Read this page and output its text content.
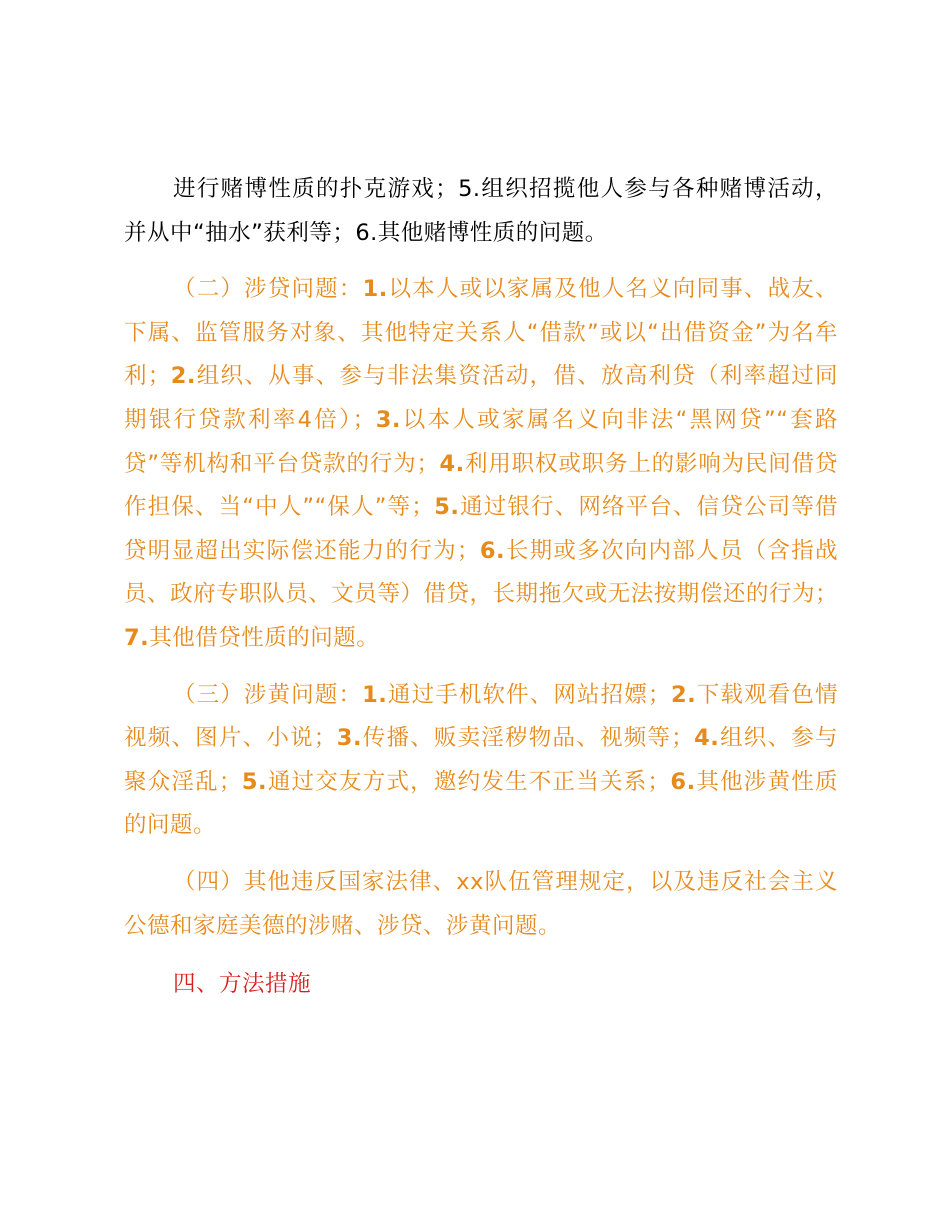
进行赌博性质的扑克游戏；5.组织招揽他人参与各种赌博活动，并从中“抽水”获利等；6.其他赌博性质的问题。

（二）涉贷问题：1.以本人或以家属及他人名义向同事、战友、下属、监管服务对象、其他特定关系人“借款”或以“出借资金”为名牟利；2.组织、从事、参与非法集资活动，借、放高利贷（利率超过同期银行贷款利率4倍）；3.以本人或家属名义向非法“黑网贷”“套路贷”等机构和平台贷款的行为；4.利用职权或职务上的影响为民间借贷作担保、当“中人”“保人”等；5.通过银行、网络平台、信贷公司等借贷明显超出实际偿还能力的行为；6.长期或多次向内部人员（含指战员、政府专职队员、文员等）借贷，长期拖欠或无法按期偿还的行为；7.其他借贷性质的问题。

（三）涉黄问题：1.通过手机软件、网站招嫖；2.下载观看色情视频、图片、小说；3.传播、贩卖淫秽物品、视频等；4.组织、参与聚众淫乱；5.通过交友方式，邀约发生不正当关系；6.其他涉黄性质的问题。

（四）其他违反国家法律、xx队伍管理规定，以及违反社会主义公德和家庭美德的涉赌、涉贷、涉黄问题。

四、方法措施
